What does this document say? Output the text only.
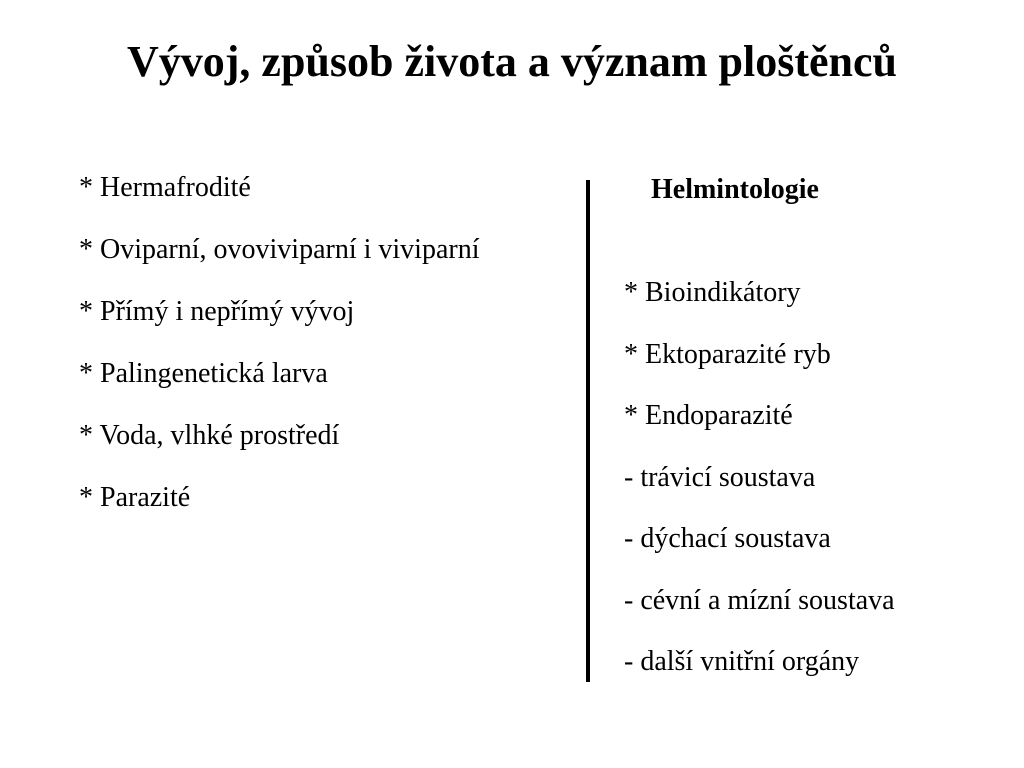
Vývoj, způsob života a význam ploštěnců
* Hermafrodité
* Oviparní, ovoviviparní i viviparní
* Přímý i nepřímý vývoj
* Palingenetická larva
* Voda, vlhké prostředí
* Parazité
Helmintologie
* Bioindikátory
* Ektoparazité ryb
* Endoparazité
- trávicí soustava
- dýchací soustava
- cévní a mízní soustava
- další vnitřní orgány
